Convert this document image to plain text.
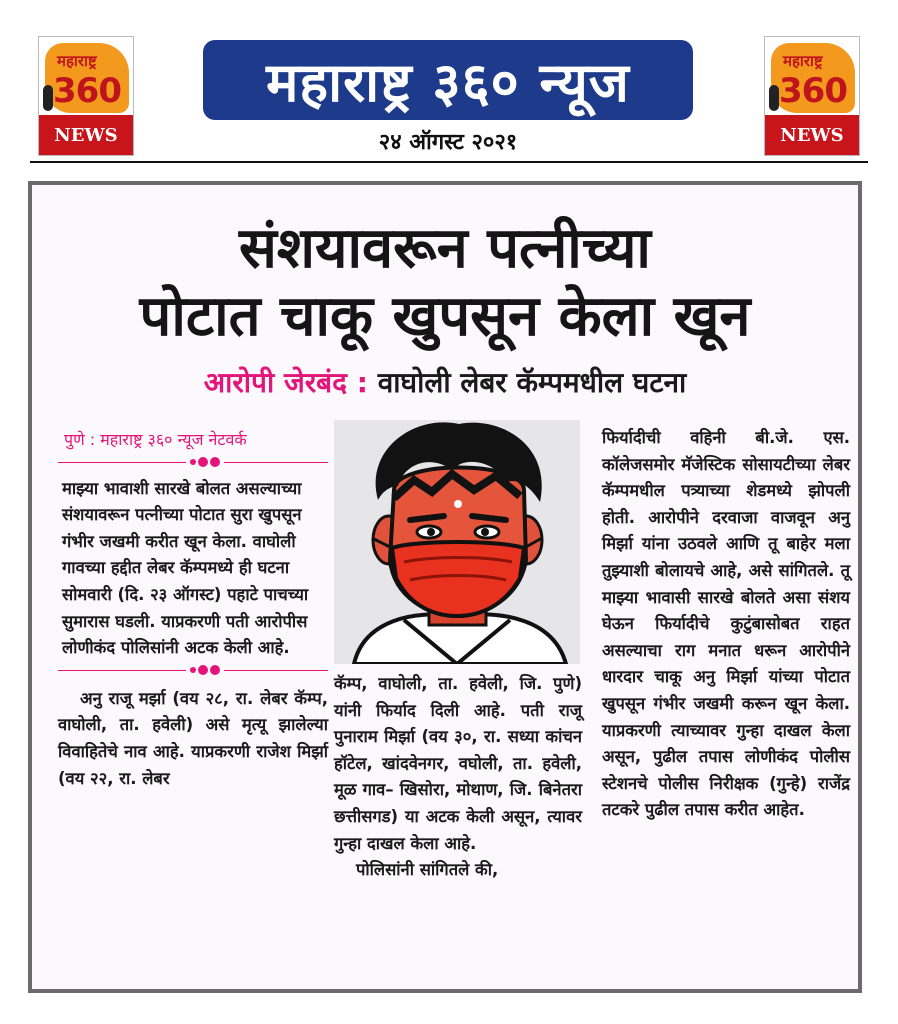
महाराष्ट्र
360
NEWS
महाराष्ट्र ३६० न्यूज
२४ ऑगस्ट २०२१
महाराष्ट्र
360
NEWS
संशयावरून पत्नीच्या
पोटात चाकू खुपसून केला खून
आरोपी जेरबंद : वाघोली लेबर कॅम्पमधील घटना
पुणे : महाराष्ट्र ३६० न्यूज नेटवर्क

माझ्या भावाशी सारखे बोलत असल्याच्या संशयावरून पत्नीच्या पोटात सुरा खुपसून गंभीर जखमी करीत खून केला. वाघोली गावच्या हद्दीत लेबर कॅम्पमध्ये ही घटना सोमवारी (दि. २३ ऑगस्ट) पहाटे पाचच्या सुमारास घडली. याप्रकरणी पती आरोपीस लोणीकंद पोलिसांनी अटक केली आहे.

अनु राजू मर्झा (वय २८, रा. लेबर कॅम्प, वाघोली, ता. हवेली) असे मृत्यू झालेल्या विवाहितेचे नाव आहे. याप्रकरणी राजेश मिर्झा (वय २२, रा. लेबर

कॅम्प, वाघोली, ता. हवेली, जि. पुणे) यांनी फिर्याद दिली आहे. पती राजू पुनाराम मिर्झा (वय ३०, रा. सध्या कांचन हॉटेल, खांदवेनगर, वघोली, ता. हवेली, मूळ गाव– खिसोरा, मोथाण, जि. बिनेतरा छत्तीसगड) या अटक केली असून, त्यावर गुन्हा दाखल केला आहे.

पोलिसांनी सांगितले की,

फिर्यादीची वहिनी बी.जे. एस. कॉलेजसमोर मॅजेस्टिक सोसायटीच्या लेबर कॅम्पमधील पत्र्याच्या शेडमध्ये झोपली होती. आरोपीने दरवाजा वाजवून अनु मिर्झा यांना उठवले आणि तू बाहेर मला तुझ्याशी बोलायचे आहे, असे सांगितले. तू माझ्या भावासी सारखे बोलते असा संशय घेऊन फिर्यादीचे कुटुंबासोबत राहत असल्याचा राग मनात धरून आरोपीने धारदार चाकू अनु मिर्झा यांच्या पोटात खुपसून गंभीर जखमी करून खून केला. याप्रकरणी त्याच्यावर गुन्हा दाखल केला असून, पुढील तपास लोणीकंद पोलीस स्टेशनचे पोलीस निरीक्षक (गुन्हे) राजेंद्र तटकरे पुढील तपास करीत आहेत.
